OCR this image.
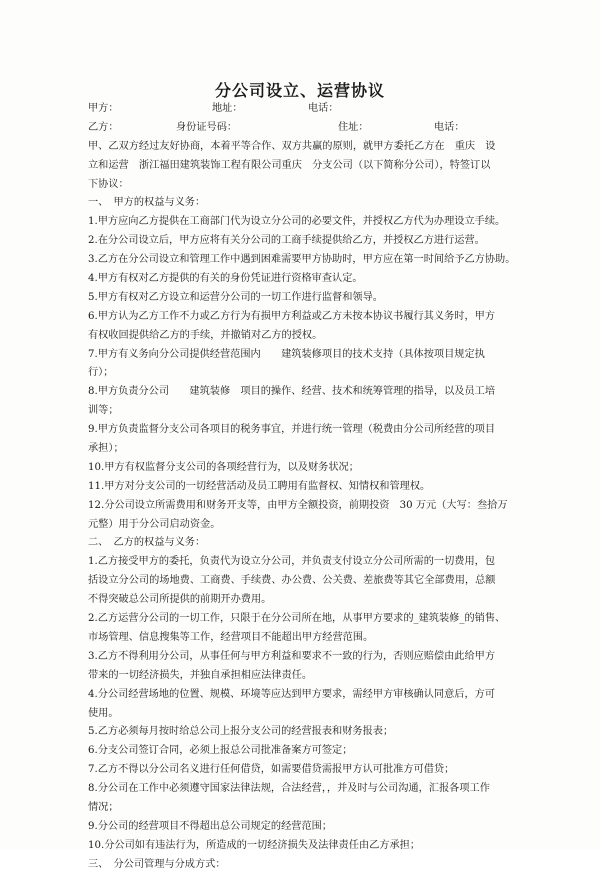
分公司设立、运营协议
甲方：	地址：	电话：
乙方：	身份证号码：	住址：	电话：
甲、乙双方经过友好协商，本着平等合作、双方共赢的原则，就甲方委托乙方在　重庆　设
立和运营　浙江福田建筑装饰工程有限公司重庆　分支公司（以下简称分公司），特签订以
下协议：
一、　甲方的权益与义务：
1.甲方应向乙方提供在工商部门代为设立分公司的必要文件，并授权乙方代为办理设立手续。
2.在分公司设立后，甲方应将有关分公司的工商手续提供给乙方，并授权乙方进行运营。
3.乙方在分公司设立和管理工作中遇到困难需要甲方协助时，甲方应在第一时间给予乙方协助。
4.甲方有权对乙方提供的有关的身份凭证进行资格审查认定。
5.甲方有权对乙方设立和运营分公司的一切工作进行监督和领导。
6.甲方认为乙方工作不力或乙方行为有损甲方利益或乙方未按本协议书履行其义务时，甲方
有权收回提供给乙方的手续，并撤销对乙方的授权。
7.甲方有义务向分公司提供经营范围内　　建筑装修项目的技术支持（具体按项目规定执
行）；
8.甲方负责分公司　　建筑装修　项目的操作、经营、技术和统筹管理的指导，以及员工培
训等；
9.甲方负责监督分支公司各项目的税务事宜，并进行统一管理（税费由分公司所经营的项目
承担）；
10.甲方有权监督分支公司的各项经营行为，以及财务状况；
11.甲方对分支公司的一切经营活动及员工聘用有监督权、知情权和管理权。
12.分公司设立所需费用和财务开支等，由甲方全额投资，前期投资　30 万元（大写：叁拾万
元整）用于分公司启动资金。
二、　乙方的权益与义务：
1.乙方接受甲方的委托，负责代为设立分公司，并负责支付设立分公司所需的一切费用，包
括设立分公司的场地费、工商费、手续费、办公费、公关费、差旅费等其它全部费用，总额
不得突破总公司所提供的前期开办费用。
2.乙方运营分公司的一切工作，只限于在分公司所在地，从事甲方要求的_建筑装修_的销售、
市场管理、信息搜集等工作，经营项目不能超出甲方经营范围。
3.乙方不得利用分公司，从事任何与甲方利益和要求不一致的行为，否则应赔偿由此给甲方
带来的一切经济损失，并独自承担相应法律责任。
4.分公司经营场地的位置、规模、环境等应达到甲方要求，需经甲方审核确认同意后，方可
使用。
5.乙方必须每月按时给总公司上报分支公司的经营报表和财务报表；
6.分支公司签订合同，必须上报总公司批准备案方可签定；
7.乙方不得以分公司名义进行任何借贷，如需要借贷需报甲方认可批准方可借贷；
8.分公司在工作中必须遵守国家法律法规，合法经营，，并及时与公司沟通，汇报各项工作
情况；
9.分公司的经营项目不得超出总公司规定的经营范围；
10.分公司如有违法行为，所造成的一切经济损失及法律责任由乙方承担；
三、　分公司管理与分成方式：
